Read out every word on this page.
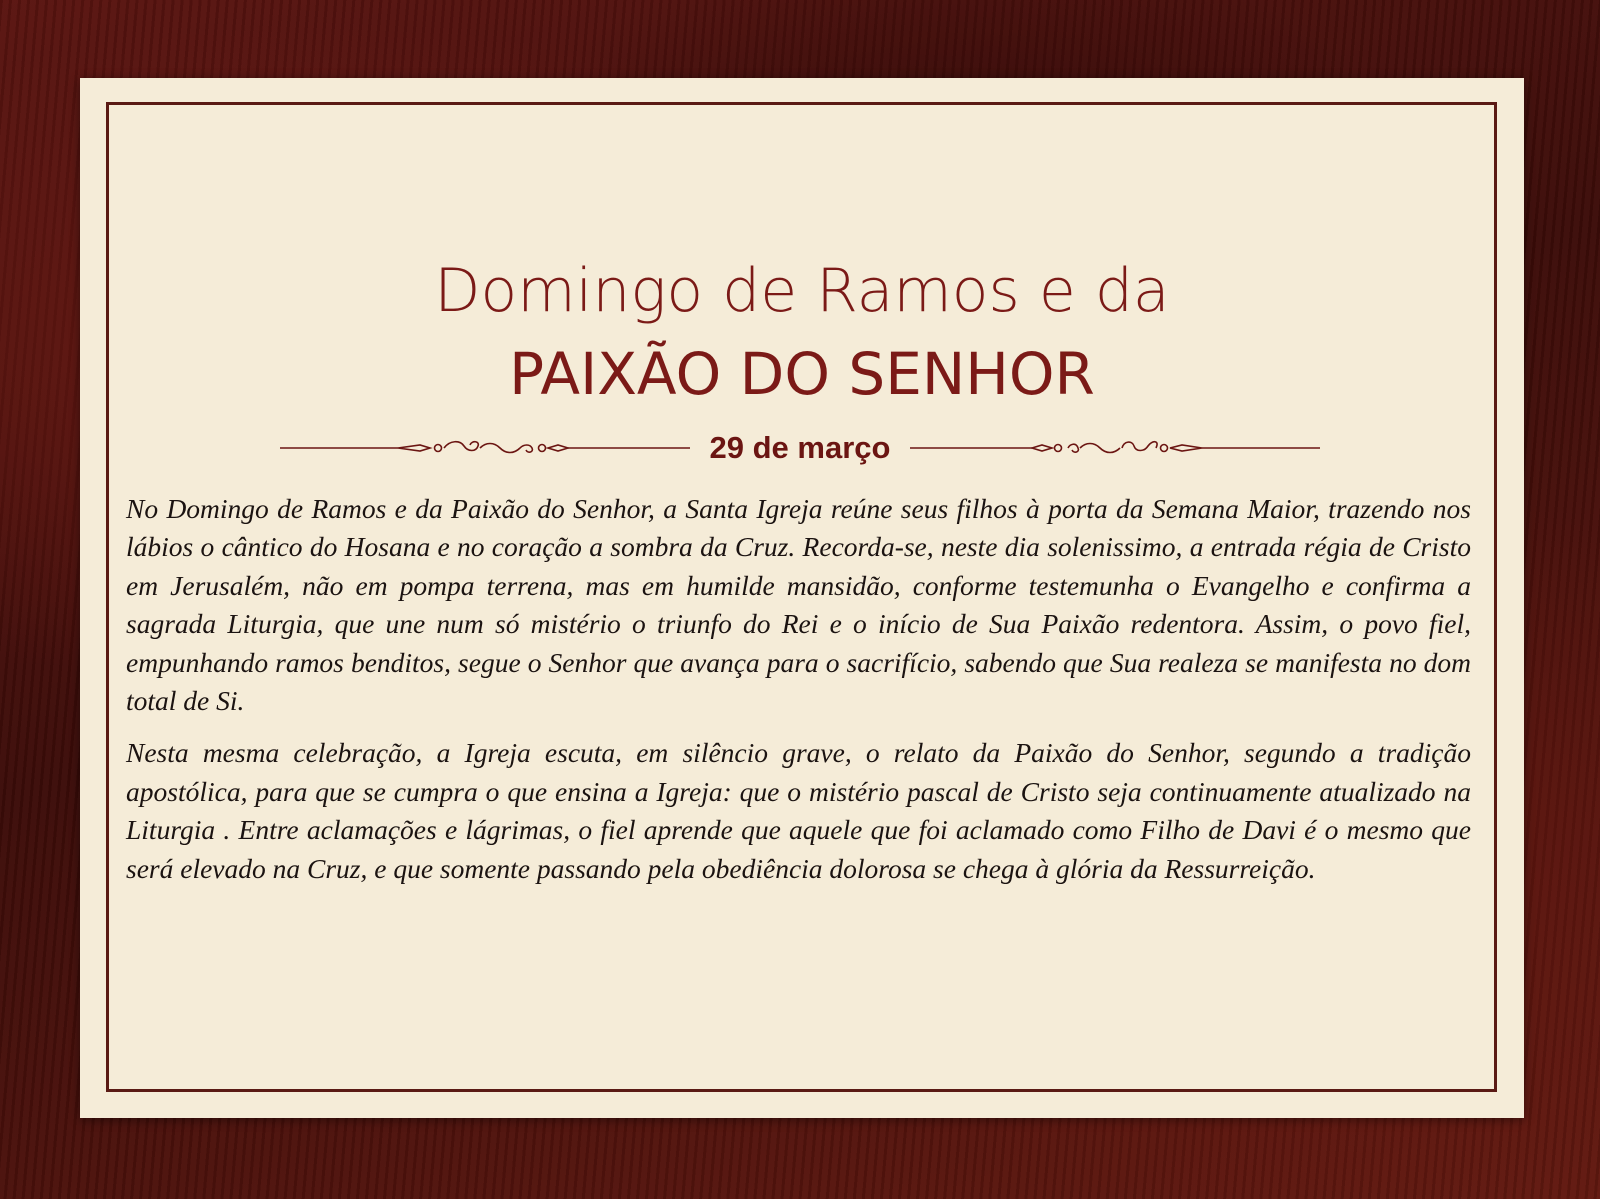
Domingo de Ramos e da
PAIXÃO DO SENHOR
29 de março

No Domingo de Ramos e da Paixão do Senhor, a Santa Igreja reúne seus filhos à porta da Semana Maior, trazendo nos lábios o cântico do Hosana e no coração a sombra da Cruz. Recorda-se, neste dia solenissimo, a entrada régia de Cristo em Jerusalém, não em pompa terrena, mas em humilde mansidão, conforme testemunha o Evangelho e confirma a sagrada Liturgia, que une num só mistério o triunfo do Rei e o início de Sua Paixão redentora. Assim, o povo fiel, empunhando ramos benditos, segue o Senhor que avança para o sacrifício, sabendo que Sua realeza se manifesta no dom total de Si.

Nesta mesma celebração, a Igreja escuta, em silêncio grave, o relato da Paixão do Senhor, segundo a tradição apostólica, para que se cumpra o que ensina a Igreja: que o mistério pascal de Cristo seja continuamente atualizado na Liturgia . Entre aclamações e lágrimas, o fiel aprende que aquele que foi aclamado como Filho de Davi é o mesmo que será elevado na Cruz, e que somente passando pela obediência dolorosa se chega à glória da Ressurreição.
